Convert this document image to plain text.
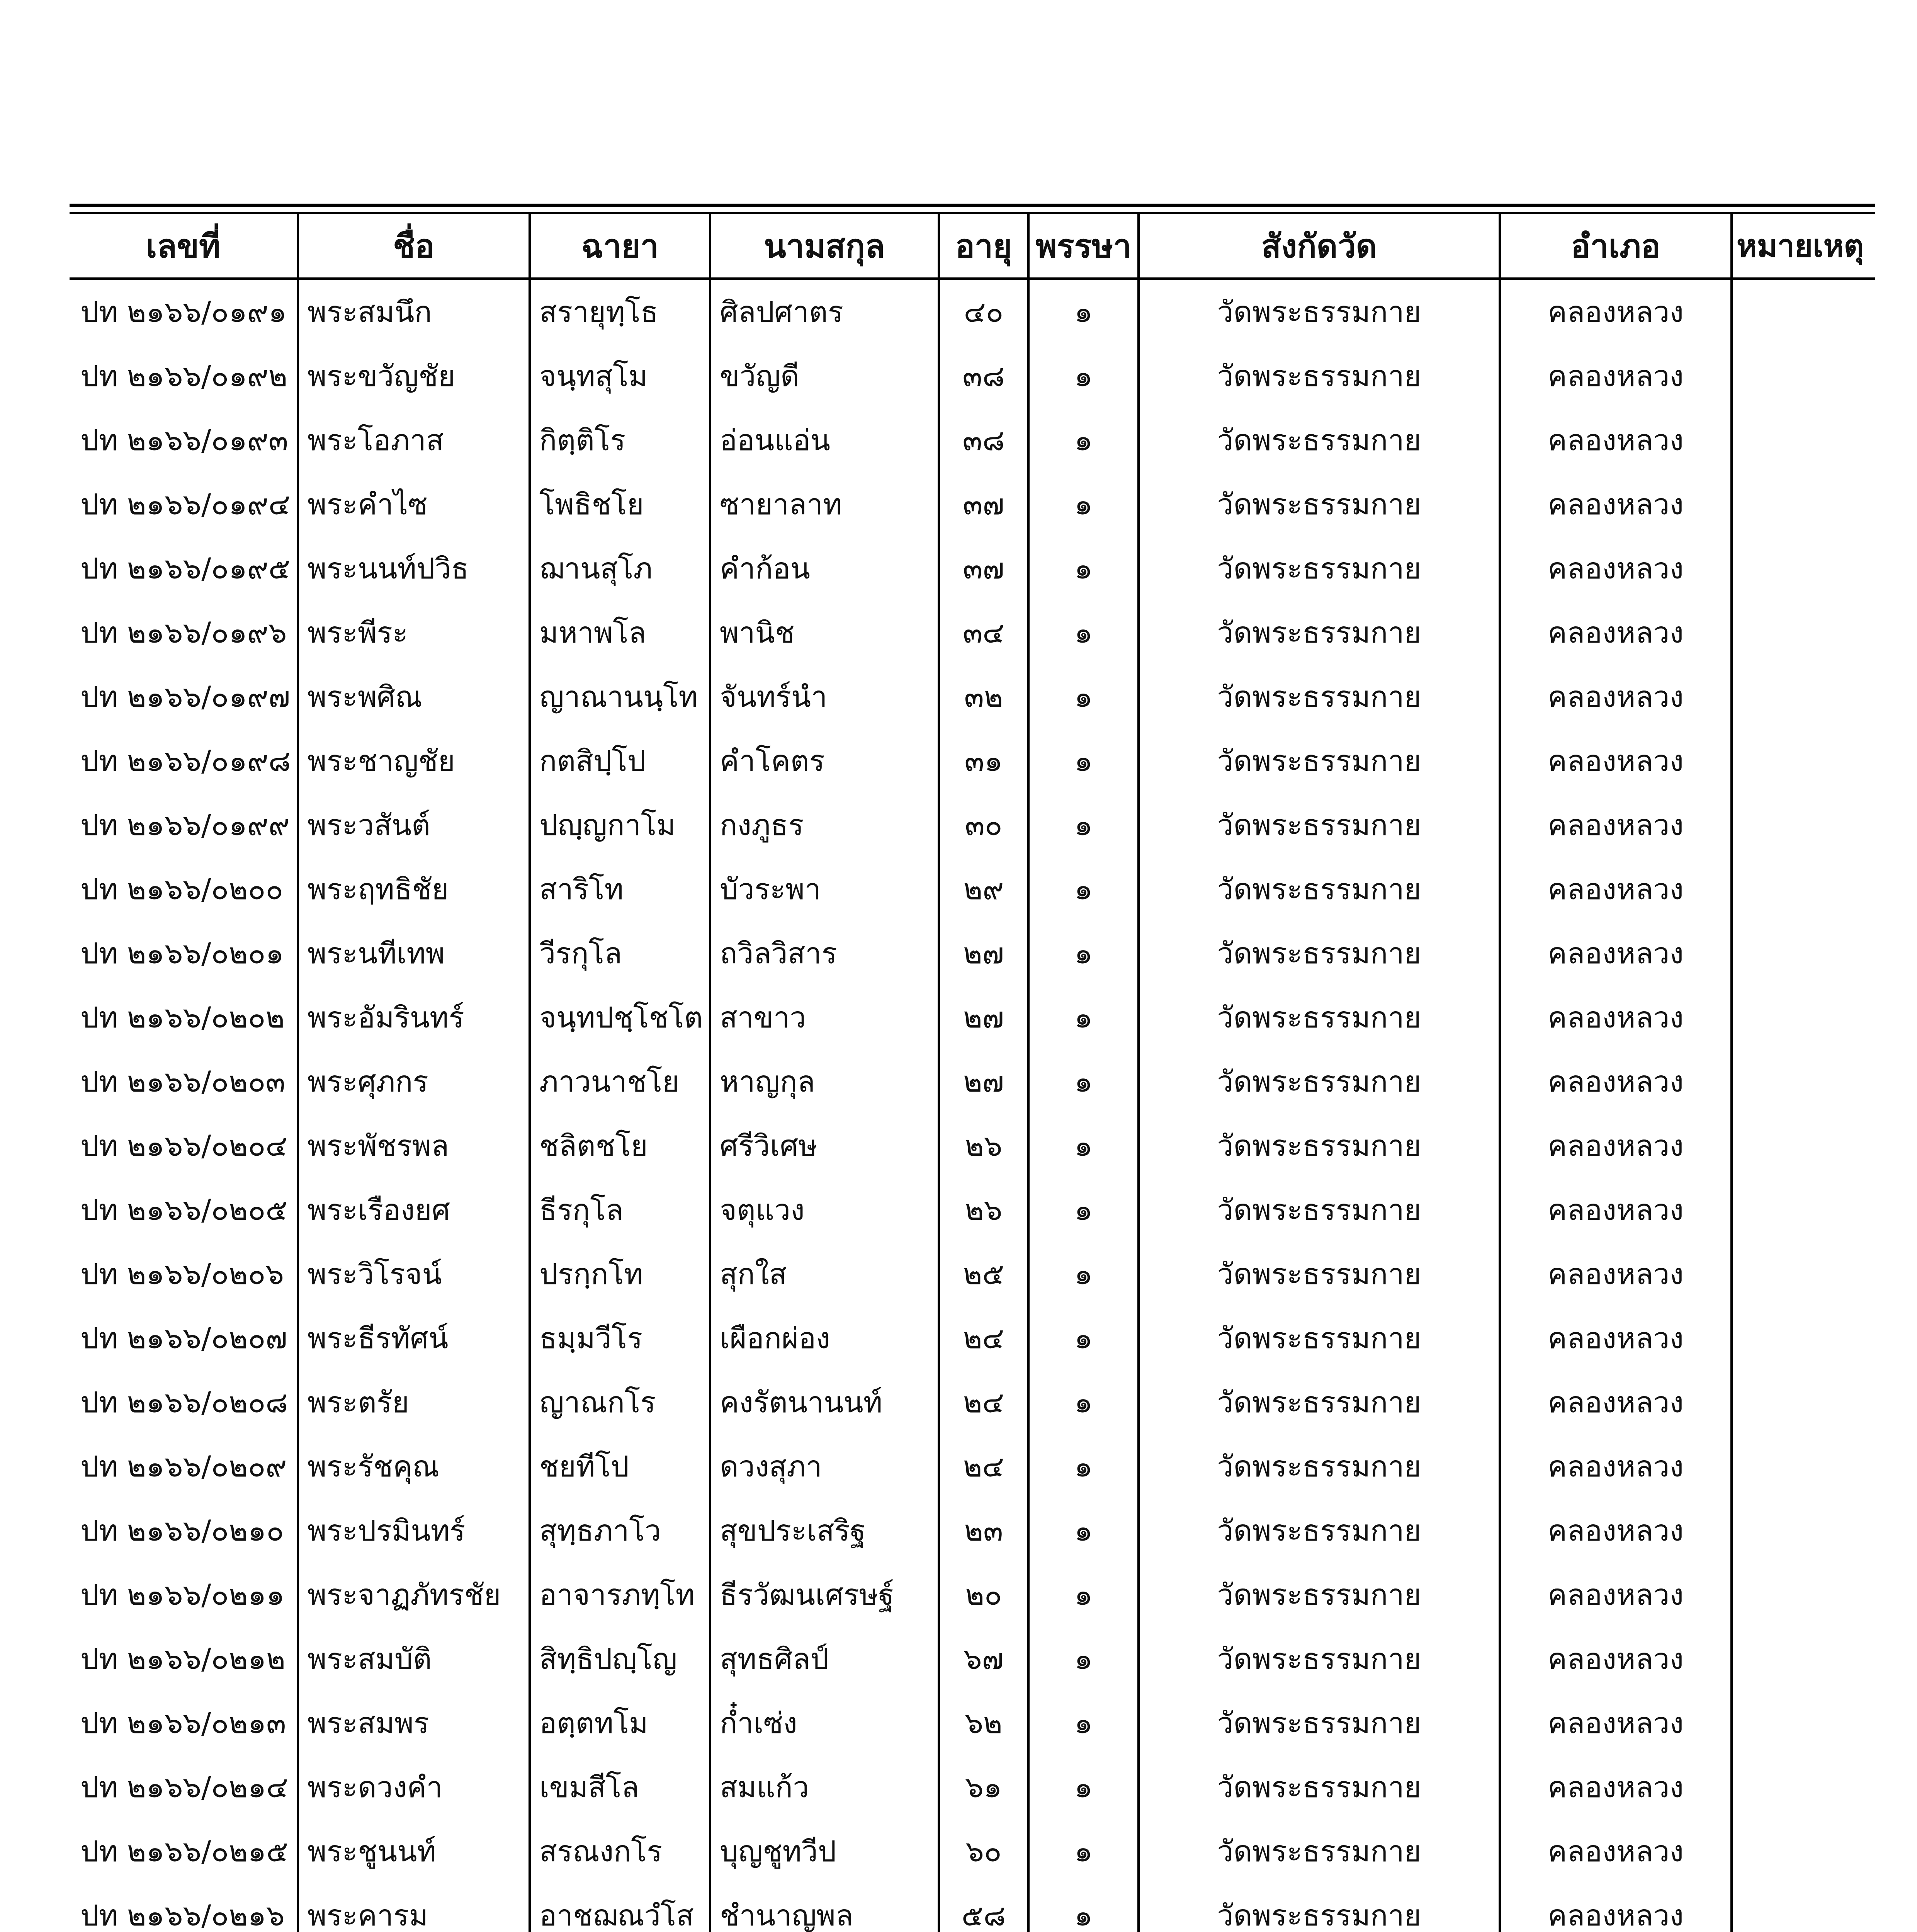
เลขที่	ชื่อ	ฉายา	นามสกุล	อายุ	พรรษา	สังกัดวัด	อำเภอ	หมายเหตุ
ปท ๒๑๖๖/๐๑๙๑	พระสมนึก	สรายุทฺโธ	ศิลปศาตร	๔๐	๑	วัดพระธรรมกาย	คลองหลวง	
ปท ๒๑๖๖/๐๑๙๒	พระขวัญชัย	จนฺทสุโม	ขวัญดี	๓๘	๑	วัดพระธรรมกาย	คลองหลวง	
ปท ๒๑๖๖/๐๑๙๓	พระโอภาส	กิตฺติโร	อ่อนแอ่น	๓๘	๑	วัดพระธรรมกาย	คลองหลวง	
ปท ๒๑๖๖/๐๑๙๔	พระคำไซ	โพธิชโย	ซายาลาท	๓๗	๑	วัดพระธรรมกาย	คลองหลวง	
ปท ๒๑๖๖/๐๑๙๕	พระนนท์ปวิธ	ฌานสุโภ	คำก้อน	๓๗	๑	วัดพระธรรมกาย	คลองหลวง	
ปท ๒๑๖๖/๐๑๙๖	พระพีระ	มหาพโล	พานิช	๓๔	๑	วัดพระธรรมกาย	คลองหลวง	
ปท ๒๑๖๖/๐๑๙๗	พระพศิณ	ญาณานนฺโท	จันทร์นำ	๓๒	๑	วัดพระธรรมกาย	คลองหลวง	
ปท ๒๑๖๖/๐๑๙๘	พระชาญชัย	กตสิปฺโป	คำโคตร	๓๑	๑	วัดพระธรรมกาย	คลองหลวง	
ปท ๒๑๖๖/๐๑๙๙	พระวสันต์	ปญฺญกาโม	กงภูธร	๓๐	๑	วัดพระธรรมกาย	คลองหลวง	
ปท ๒๑๖๖/๐๒๐๐	พระฤทธิชัย	สาริโท	บัวระพา	๒๙	๑	วัดพระธรรมกาย	คลองหลวง	
ปท ๒๑๖๖/๐๒๐๑	พระนทีเทพ	วีรกุโล	ถวิลวิสาร	๒๗	๑	วัดพระธรรมกาย	คลองหลวง	
ปท ๒๑๖๖/๐๒๐๒	พระอัมรินทร์	จนฺทปชฺโชโต	สาขาว	๒๗	๑	วัดพระธรรมกาย	คลองหลวง	
ปท ๒๑๖๖/๐๒๐๓	พระศุภกร	ภาวนาชโย	หาญกุล	๒๗	๑	วัดพระธรรมกาย	คลองหลวง	
ปท ๒๑๖๖/๐๒๐๔	พระพัชรพล	ชลิตชโย	ศรีวิเศษ	๒๖	๑	วัดพระธรรมกาย	คลองหลวง	
ปท ๒๑๖๖/๐๒๐๕	พระเรืองยศ	ธีรกุโล	จตุแวง	๒๖	๑	วัดพระธรรมกาย	คลองหลวง	
ปท ๒๑๖๖/๐๒๐๖	พระวิโรจน์	ปรกฺกโท	สุกใส	๒๕	๑	วัดพระธรรมกาย	คลองหลวง	
ปท ๒๑๖๖/๐๒๐๗	พระธีรทัศน์	ธมฺมวีโร	เผือกผ่อง	๒๔	๑	วัดพระธรรมกาย	คลองหลวง	
ปท ๒๑๖๖/๐๒๐๘	พระตรัย	ญาณกโร	คงรัตนานนท์	๒๔	๑	วัดพระธรรมกาย	คลองหลวง	
ปท ๒๑๖๖/๐๒๐๙	พระรัชคุณ	ชยทีโป	ดวงสุภา	๒๔	๑	วัดพระธรรมกาย	คลองหลวง	
ปท ๒๑๖๖/๐๒๑๐	พระปรมินทร์	สุทฺธภาโว	สุขประเสริฐ	๒๓	๑	วัดพระธรรมกาย	คลองหลวง	
ปท ๒๑๖๖/๐๒๑๑	พระจาฏภัทรชัย	อาจารภทฺโท	ธีรวัฒนเศรษฐ์	๒๐	๑	วัดพระธรรมกาย	คลองหลวง	
ปท ๒๑๖๖/๐๒๑๒	พระสมบัติ	สิทฺธิปญฺโญ	สุทธศิลป์	๖๗	๑	วัดพระธรรมกาย	คลองหลวง	
ปท ๒๑๖๖/๐๒๑๓	พระสมพร	อตฺตทโม	ก๋ำเซ่ง	๖๒	๑	วัดพระธรรมกาย	คลองหลวง	
ปท ๒๑๖๖/๐๒๑๔	พระดวงคำ	เขมสีโล	สมแก้ว	๖๑	๑	วัดพระธรรมกาย	คลองหลวง	
ปท ๒๑๖๖/๐๒๑๕	พระชูนนท์	สรณงกโร	บุญชูทวีป	๖๐	๑	วัดพระธรรมกาย	คลองหลวง	
ปท ๒๑๖๖/๐๒๑๖	พระคารม	อาชฌณวํโส	ชำนาญพล	๕๘	๑	วัดพระธรรมกาย	คลองหลวง	
